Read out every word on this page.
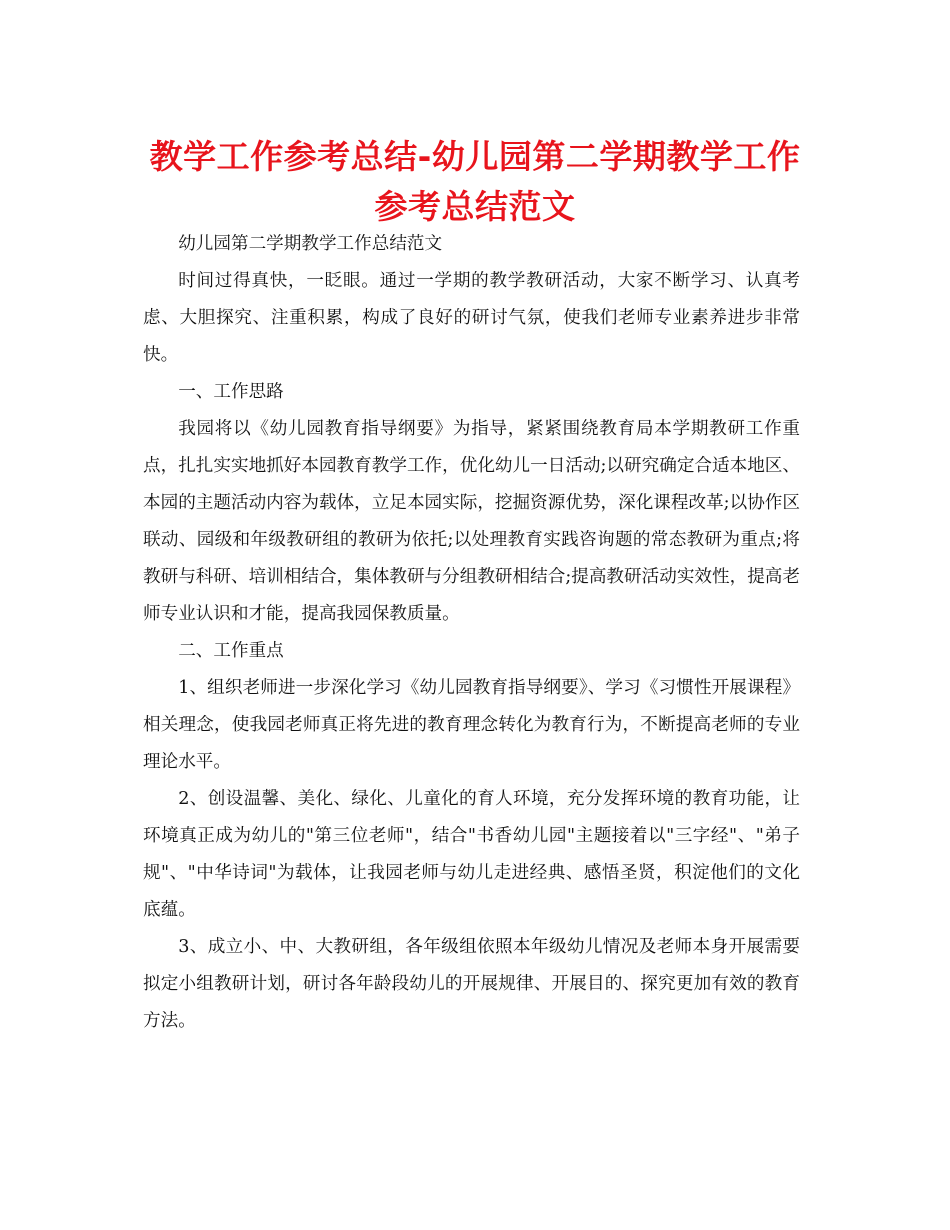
教学工作参考总结-幼儿园第二学期教学工作参考总结范文

幼儿园第二学期教学工作总结范文

时间过得真快，一眨眼。通过一学期的教学教研活动，大家不断学习、认真考虑、大胆探究、注重积累，构成了良好的研讨气氛，使我们老师专业素养进步非常快。

一、工作思路

我园将以《幼儿园教育指导纲要》为指导，紧紧围绕教育局本学期教研工作重点，扎扎实实地抓好本园教育教学工作，优化幼儿一日活动;以研究确定合适本地区、本园的主题活动内容为载体，立足本园实际，挖掘资源优势，深化课程改革;以协作区联动、园级和年级教研组的教研为依托;以处理教育实践咨询题的常态教研为重点;将教研与科研、培训相结合，集体教研与分组教研相结合;提高教研活动实效性，提高老师专业认识和才能，提高我园保教质量。

二、工作重点

1、组织老师进一步深化学习《幼儿园教育指导纲要》、学习《习惯性开展课程》相关理念，使我园老师真正将先进的教育理念转化为教育行为，不断提高老师的专业理论水平。

2、创设温馨、美化、绿化、儿童化的育人环境，充分发挥环境的教育功能，让环境真正成为幼儿的"第三位老师"，结合"书香幼儿园"主题接着以"三字经"、"弟子规"、"中华诗词"为载体，让我园老师与幼儿走进经典、感悟圣贤，积淀他们的文化底蕴。

3、成立小、中、大教研组，各年级组依照本年级幼儿情况及老师本身开展需要拟定小组教研计划，研讨各年龄段幼儿的开展规律、开展目的、探究更加有效的教育方法。
